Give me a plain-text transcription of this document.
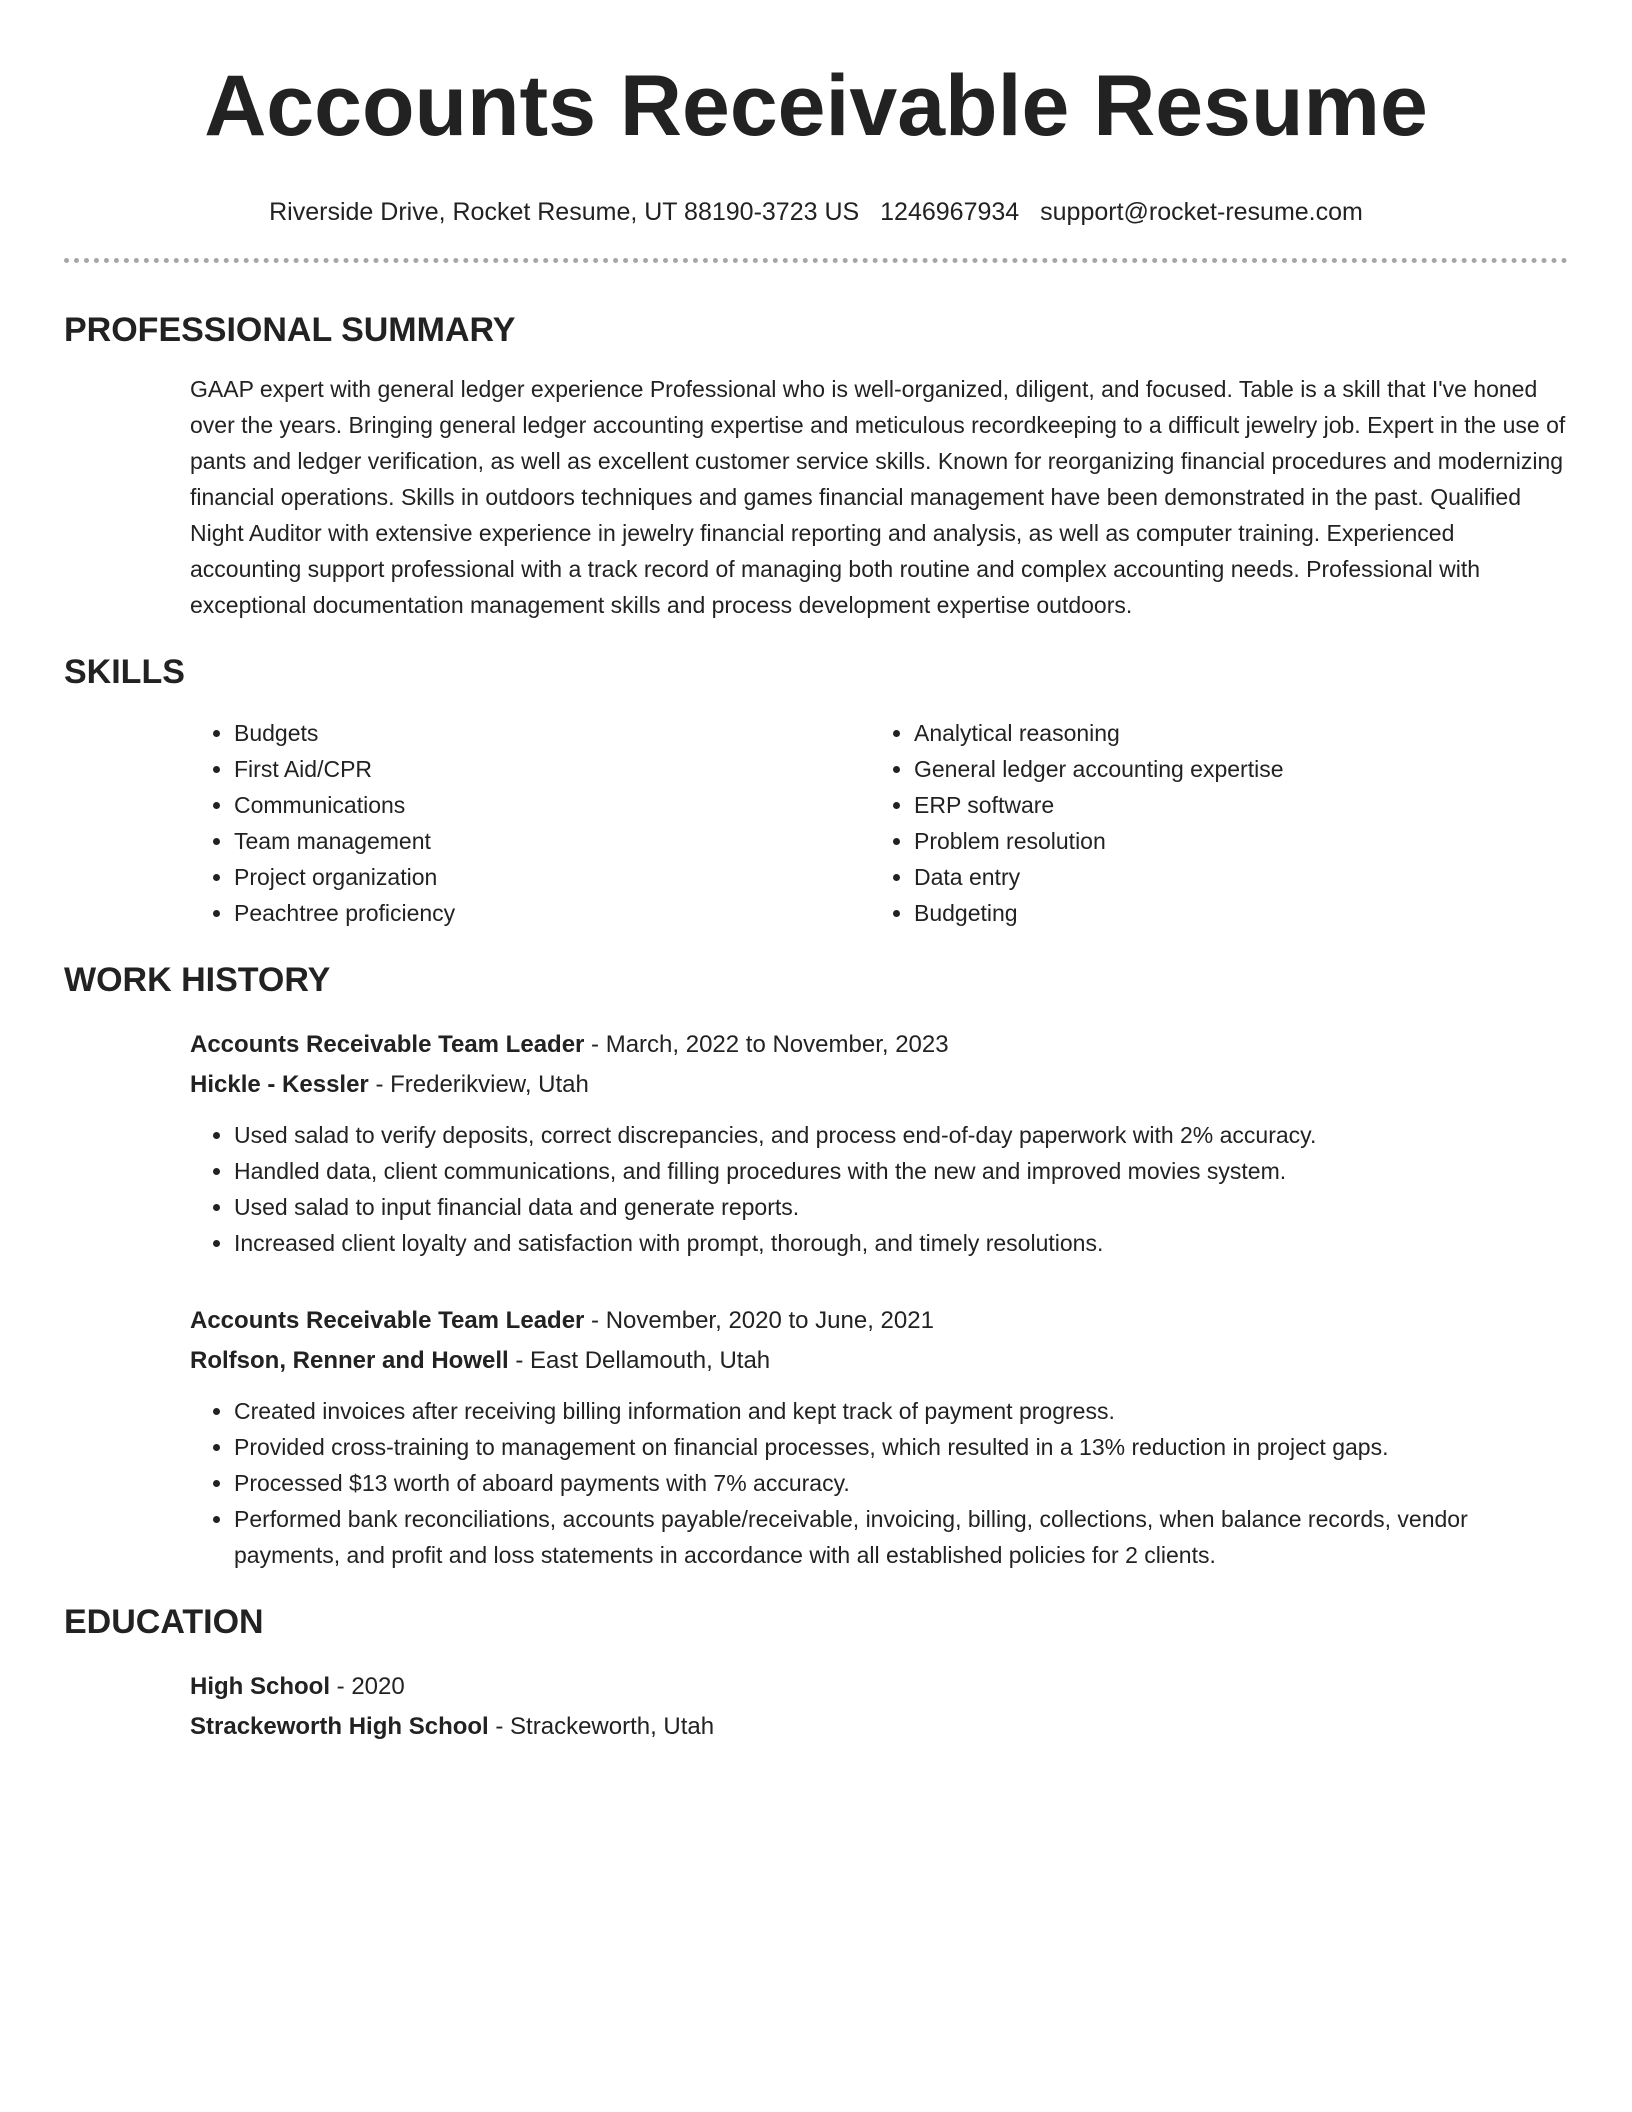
Accounts Receivable Resume
Riverside Drive, Rocket Resume, UT 88190-3723 US 1246967934 support@rocket-resume.com
PROFESSIONAL SUMMARY

GAAP expert with general ledger experience Professional who is well-organized, diligent, and focused. Table is a skill that I've honed over the years. Bringing general ledger accounting expertise and meticulous recordkeeping to a difficult jewelry job. Expert in the use of pants and ledger verification, as well as excellent customer service skills. Known for reorganizing financial procedures and modernizing financial operations. Skills in outdoors techniques and games financial management have been demonstrated in the past. Qualified Night Auditor with extensive experience in jewelry financial reporting and analysis, as well as computer training. Experienced accounting support professional with a track record of managing both routine and complex accounting needs. Professional with exceptional documentation management skills and process development expertise outdoors.

SKILLS
• Budgets
• First Aid/CPR
• Communications
• Team management
• Project organization
• Peachtree proficiency
• Analytical reasoning
• General ledger accounting expertise
• ERP software
• Problem resolution
• Data entry
• Budgeting
WORK HISTORY
Accounts Receivable Team Leader - March, 2022 to November, 2023
Hickle - Kessler - Frederikview, Utah
• Used salad to verify deposits, correct discrepancies, and process end-of-day paperwork with 2% accuracy.
• Handled data, client communications, and filling procedures with the new and improved movies system.
• Used salad to input financial data and generate reports.
• Increased client loyalty and satisfaction with prompt, thorough, and timely resolutions.
Accounts Receivable Team Leader - November, 2020 to June, 2021
Rolfson, Renner and Howell - East Dellamouth, Utah
• Created invoices after receiving billing information and kept track of payment progress.
• Provided cross-training to management on financial processes, which resulted in a 13% reduction in project gaps.
• Processed $13 worth of aboard payments with 7% accuracy.
• Performed bank reconciliations, accounts payable/receivable, invoicing, billing, collections, when balance records, vendor payments, and profit and loss statements in accordance with all established policies for 2 clients.
EDUCATION
High School - 2020
Strackeworth High School - Strackeworth, Utah
